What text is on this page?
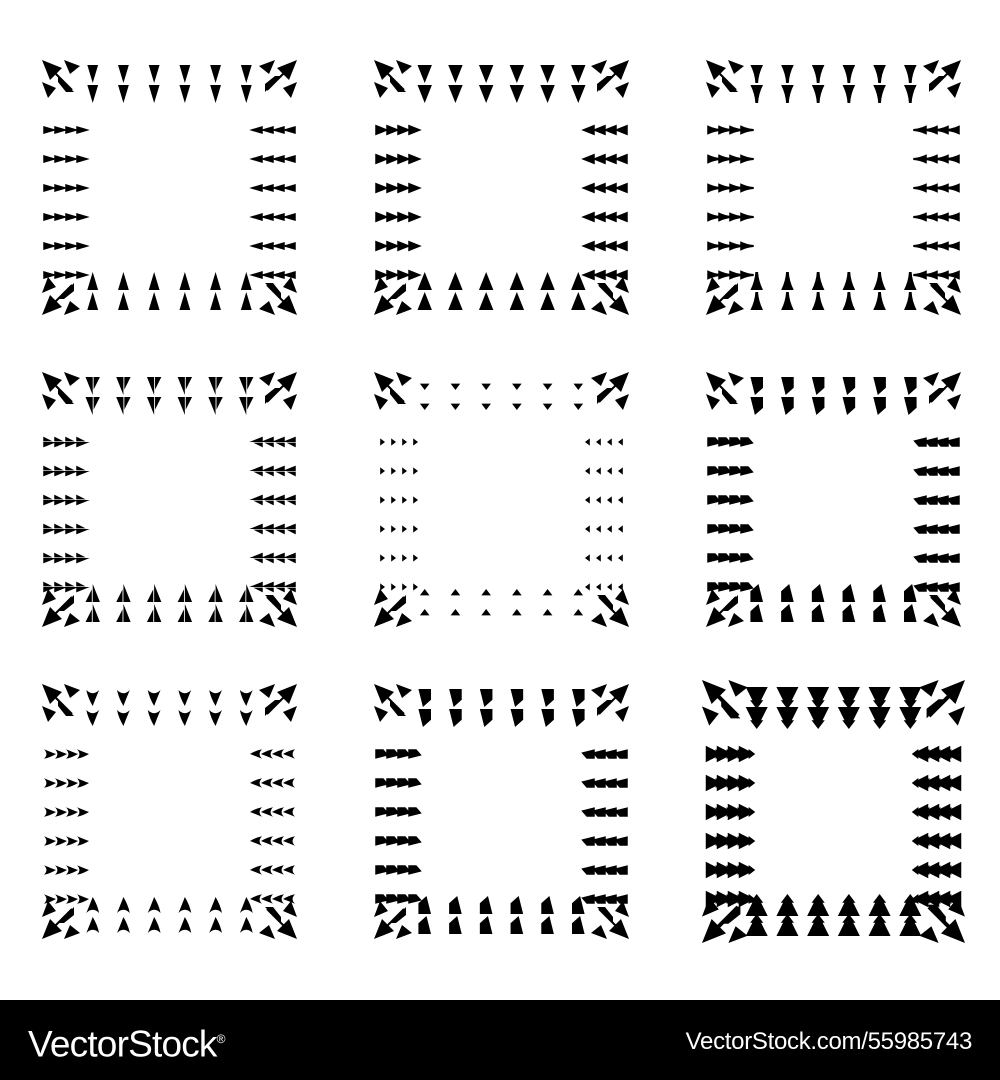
VectorStock®	VectorStock.com/55985743
